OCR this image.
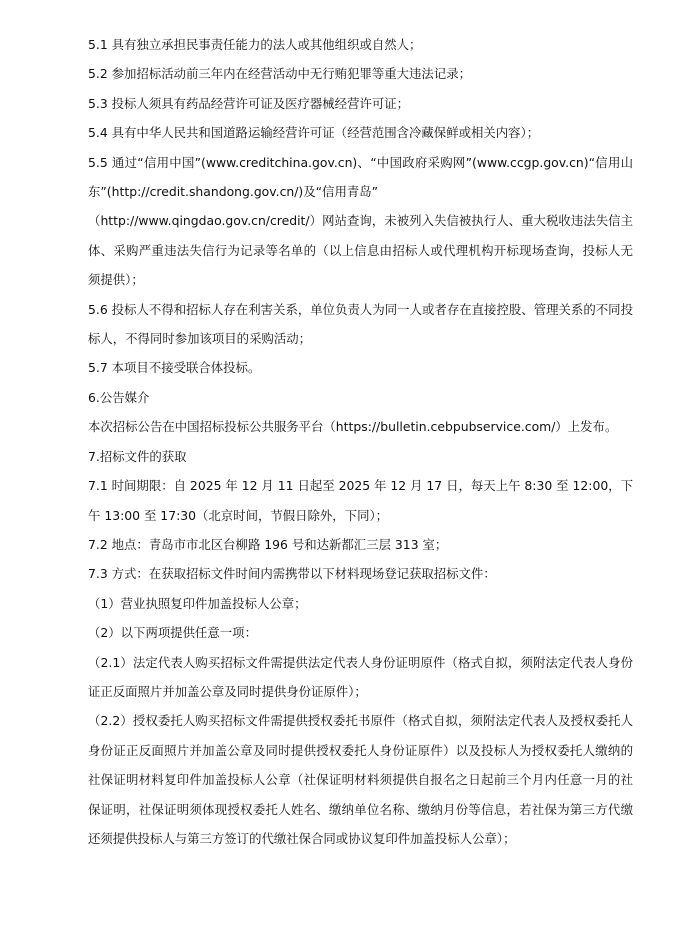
5.1 具有独立承担民事责任能力的法人或其他组织或自然人；

5.2 参加招标活动前三年内在经营活动中无行贿犯罪等重大违法记录；

5.3 投标人须具有药品经营许可证及医疗器械经营许可证；

5.4 具有中华人民共和国道路运输经营许可证（经营范围含冷藏保鲜或相关内容）；

5.5 通过“信用中国”(www.creditchina.gov.cn)、“中国政府采购网”(www.ccgp.gov.cn)“信用山东”(http://credit.shandong.gov.cn/)及“信用青岛”

（http://www.qingdao.gov.cn/credit/）网站查询，未被列入失信被执行人、重大税收违法失信主体、采购严重违法失信行为记录等名单的（以上信息由招标人或代理机构开标现场查询，投标人无须提供）；

5.6 投标人不得和招标人存在利害关系，单位负责人为同一人或者存在直接控股、管理关系的不同投标人，不得同时参加该项目的采购活动；

5.7 本项目不接受联合体投标。

6.公告媒介

本次招标公告在中国招标投标公共服务平台（https://bulletin.cebpubservice.com/）上发布。

7.招标文件的获取

7.1 时间期限：自 2025 年 12 月 11 日起至 2025 年 12 月 17 日，每天上午 8:30 至 12:00，下午 13:00 至 17:30（北京时间，节假日除外，下同）；

7.2 地点：青岛市市北区台柳路 196 号和达新都汇三层 313 室；

7.3 方式：在获取招标文件时间内需携带以下材料现场登记获取招标文件：

（1）营业执照复印件加盖投标人公章；

（2）以下两项提供任意一项：

（2.1）法定代表人购买招标文件需提供法定代表人身份证明原件（格式自拟，须附法定代表人身份证正反面照片并加盖公章及同时提供身份证原件）；

（2.2）授权委托人购买招标文件需提供授权委托书原件（格式自拟，须附法定代表人及授权委托人身份证正反面照片并加盖公章及同时提供授权委托人身份证原件）以及投标人为授权委托人缴纳的社保证明材料复印件加盖投标人公章（社保证明材料须提供自报名之日起前三个月内任意一月的社保证明，社保证明须体现授权委托人姓名、缴纳单位名称、缴纳月份等信息，若社保为第三方代缴还须提供投标人与第三方签订的代缴社保合同或协议复印件加盖投标人公章）；
